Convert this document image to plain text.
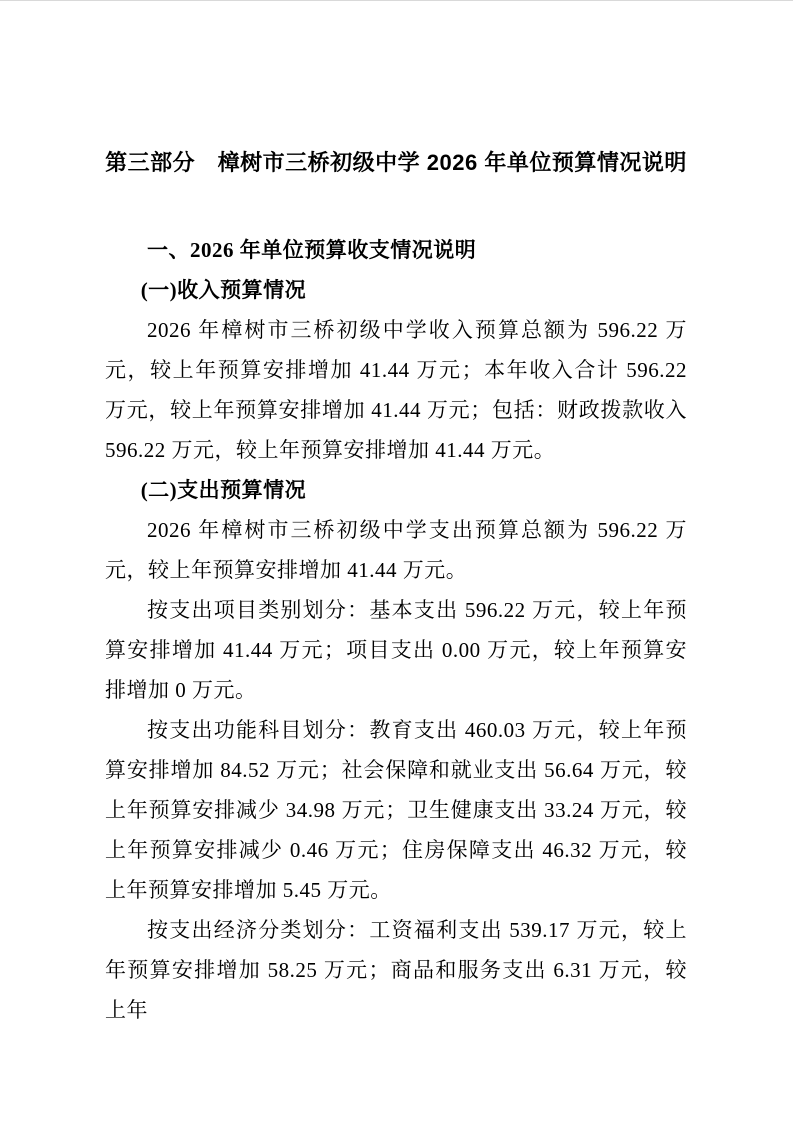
第三部分　樟树市三桥初级中学 2026 年单位预算情况说明
一、2026 年单位预算收支情况说明
(一)收入预算情况

2026 年樟树市三桥初级中学收入预算总额为 596.22 万元，较上年预算安排增加 41.44 万元；本年收入合计 596.22 万元，较上年预算安排增加 41.44 万元；包括：财政拨款收入 596.22 万元，较上年预算安排增加 41.44 万元。

(二)支出预算情况

2026 年樟树市三桥初级中学支出预算总额为 596.22 万元，较上年预算安排增加 41.44 万元。

按支出项目类别划分：基本支出 596.22 万元，较上年预算安排增加 41.44 万元；项目支出 0.00 万元，较上年预算安排增加 0 万元。

按支出功能科目划分：教育支出 460.03 万元，较上年预算安排增加 84.52 万元；社会保障和就业支出 56.64 万元，较上年预算安排减少 34.98 万元；卫生健康支出 33.24 万元，较上年预算安排减少 0.46 万元；住房保障支出 46.32 万元，较上年预算安排增加 5.45 万元。

按支出经济分类划分：工资福利支出 539.17 万元，较上年预算安排增加 58.25 万元；商品和服务支出 6.31 万元，较上年
